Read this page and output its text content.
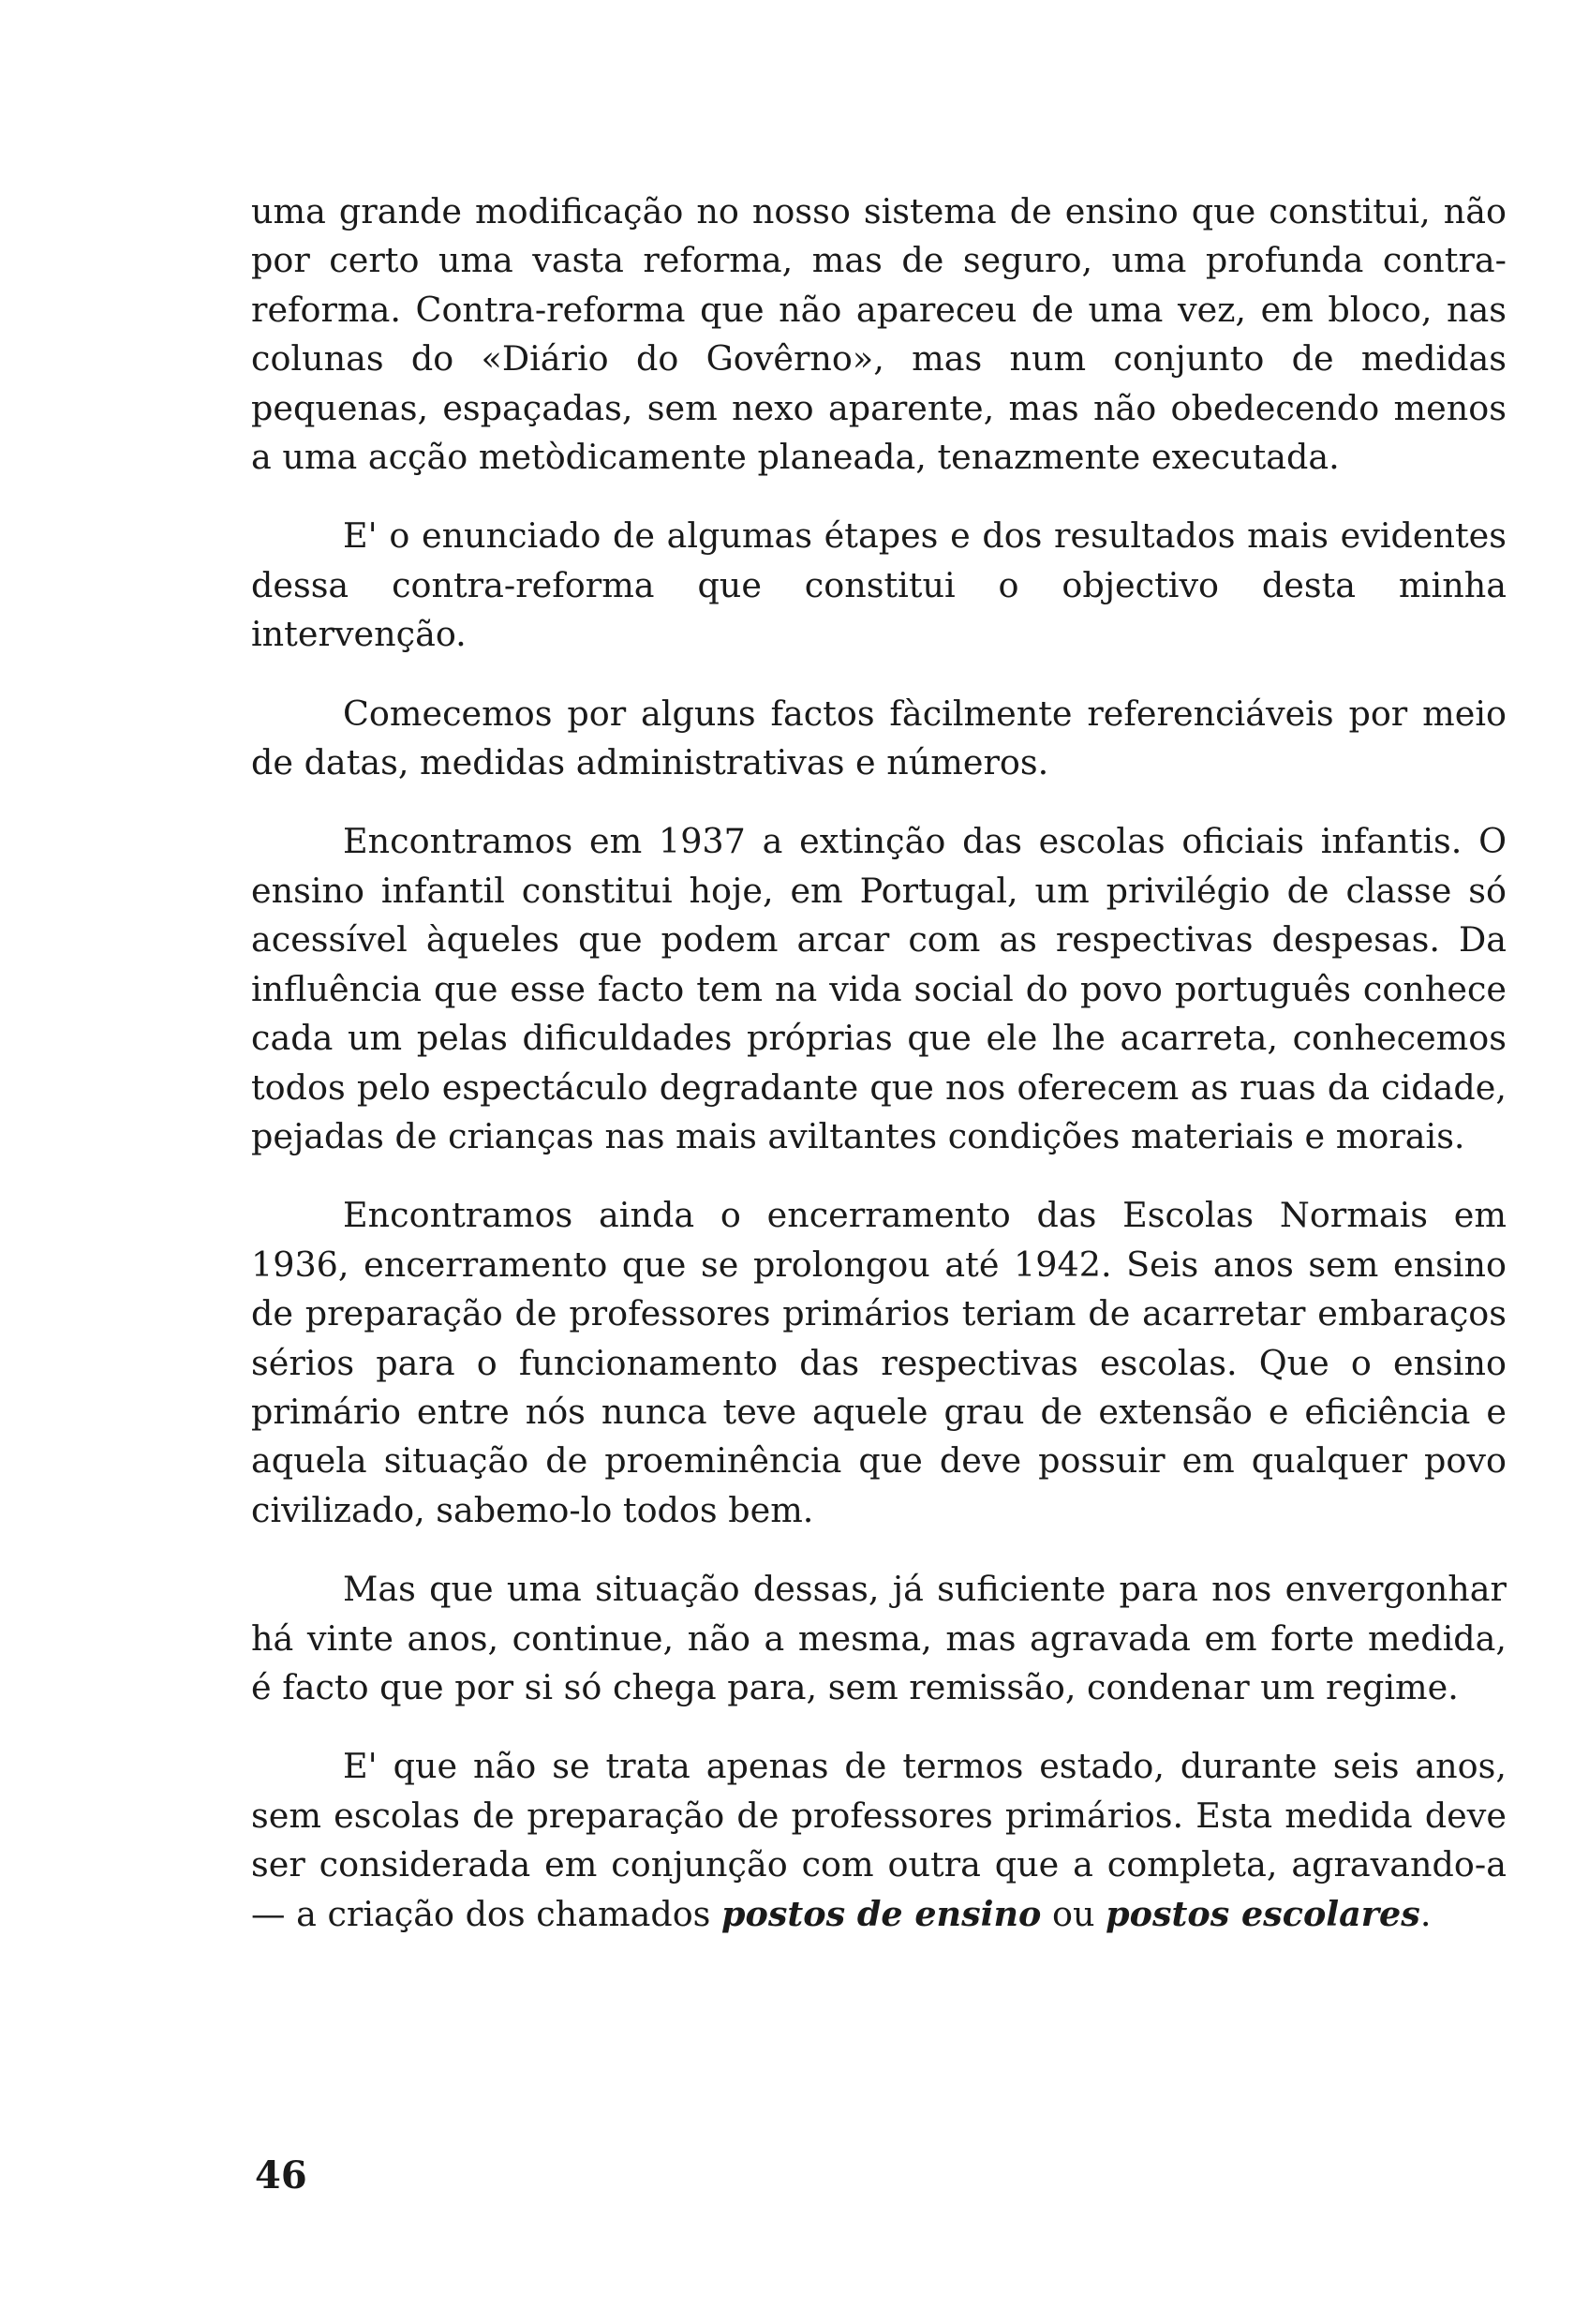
uma grande modificação no nosso sistema de ensino que constitui, não por certo uma vasta reforma, mas de seguro, uma profunda contra-reforma. Contra-reforma que não apareceu de uma vez, em bloco, nas colunas do «Diário do Govêrno», mas num conjunto de medidas pequenas, espaçadas, sem nexo aparente, mas não obedecendo menos a uma acção metòdicamente planeada, tenazmente executada.

E' o enunciado de algumas étapes e dos resultados mais evidentes dessa contra-reforma que constitui o objectivo desta minha intervenção.

Comecemos por alguns factos fàcilmente referenciáveis por meio de datas, medidas administrativas e números.

Encontramos em 1937 a extinção das escolas oficiais infantis. O ensino infantil constitui hoje, em Portugal, um privilégio de classe só acessível àqueles que podem arcar com as respectivas despesas. Da influência que esse facto tem na vida social do povo português conhece cada um pelas dificuldades próprias que ele lhe acarreta, conhecemos todos pelo espectáculo degradante que nos oferecem as ruas da cidade, pejadas de crianças nas mais aviltantes condições materiais e morais.

Encontramos ainda o encerramento das Escolas Normais em 1936, encerramento que se prolongou até 1942. Seis anos sem ensino de preparação de professores primários teriam de acarretar embaraços sérios para o funcionamento das respectivas escolas. Que o ensino primário entre nós nunca teve aquele grau de extensão e eficiência e aquela situação de proeminência que deve possuir em qualquer povo civilizado, sabemo-lo todos bem.

Mas que uma situação dessas, já suficiente para nos envergonhar há vinte anos, continue, não a mesma, mas agravada em forte medida, é facto que por si só chega para, sem remissão, condenar um regime.

E' que não se trata apenas de termos estado, durante seis anos, sem escolas de preparação de professores primários. Esta medida deve ser considerada em conjunção com outra que a completa, agravando-a — a criação dos chamados postos de ensino ou postos escolares.

46
